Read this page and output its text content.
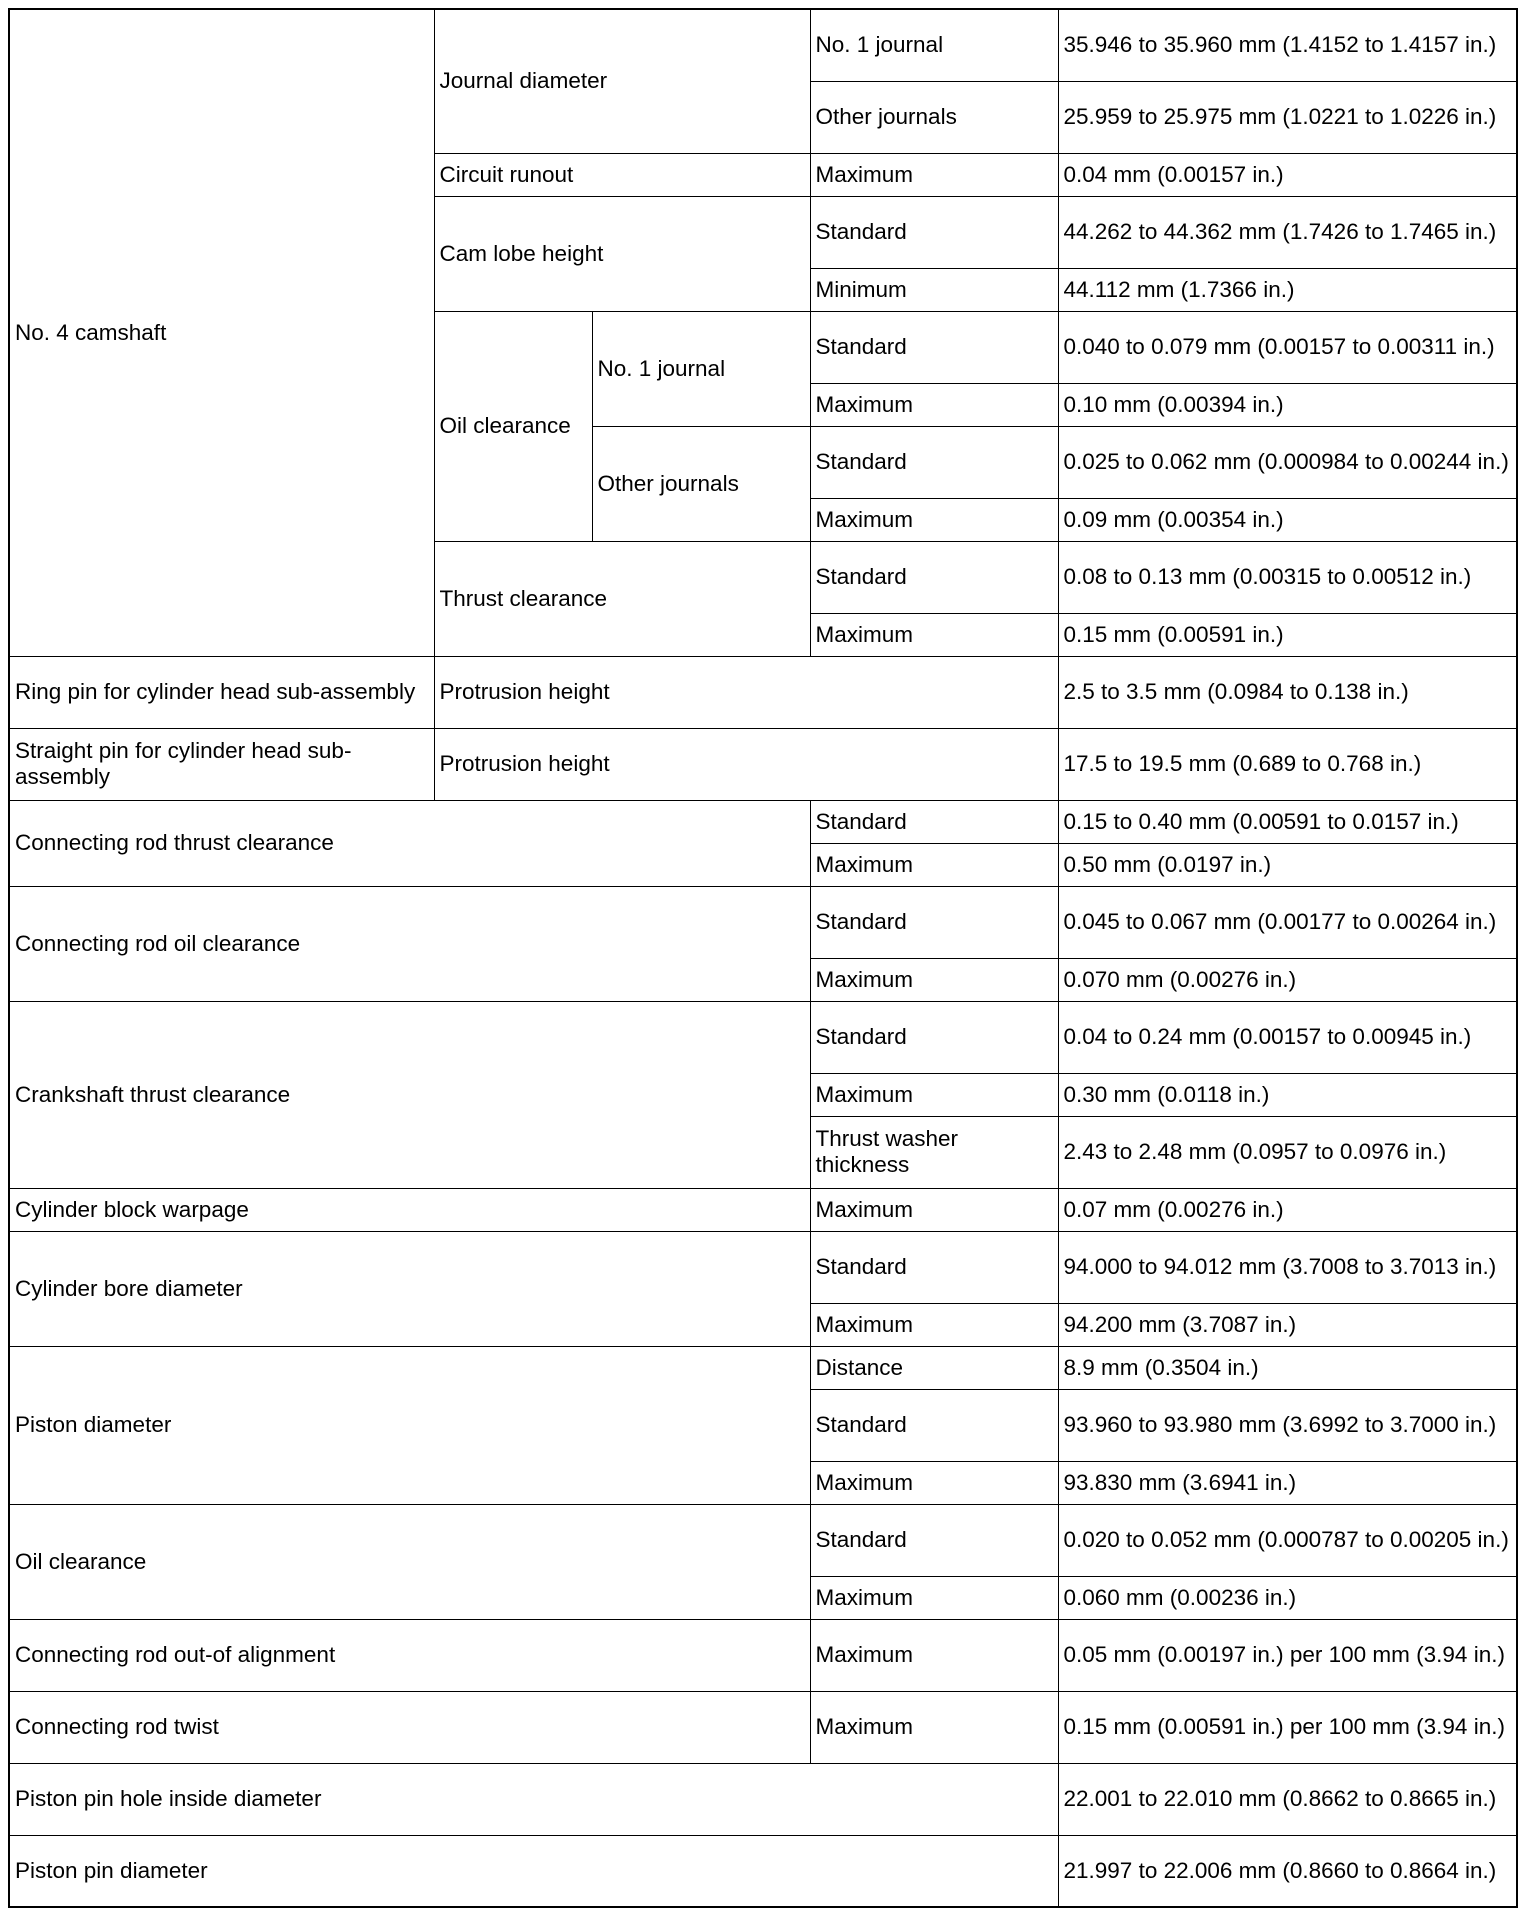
No. 4 camshaft	Journal diameter		No. 1 journal	35.946 to 35.960 mm (1.4152 to 1.4157 in.)
			Other journals	25.959 to 25.975 mm (1.0221 to 1.0226 in.)
	Circuit runout		Maximum	0.04 mm (0.00157 in.)
	Cam lobe height		Standard	44.262 to 44.362 mm (1.7426 to 1.7465 in.)
			Minimum	44.112 mm (1.7366 in.)
	Oil clearance	No. 1 journal	Standard	0.040 to 0.079 mm (0.00157 to 0.00311 in.)
			Maximum	0.10 mm (0.00394 in.)
		Other journals	Standard	0.025 to 0.062 mm (0.000984 to 0.00244 in.)
			Maximum	0.09 mm (0.00354 in.)
	Thrust clearance		Standard	0.08 to 0.13 mm (0.00315 to 0.00512 in.)
			Maximum	0.15 mm (0.00591 in.)
Ring pin for cylinder head sub-assembly	Protrusion height			2.5 to 3.5 mm (0.0984 to 0.138 in.)
Straight pin for cylinder head sub-assembly	Protrusion height			17.5 to 19.5 mm (0.689 to 0.768 in.)
Connecting rod thrust clearance			Standard	0.15 to 0.40 mm (0.00591 to 0.0157 in.)
			Maximum	0.50 mm (0.0197 in.)
Connecting rod oil clearance			Standard	0.045 to 0.067 mm (0.00177 to 0.00264 in.)
			Maximum	0.070 mm (0.00276 in.)
Crankshaft thrust clearance			Standard	0.04 to 0.24 mm (0.00157 to 0.00945 in.)
			Maximum	0.30 mm (0.0118 in.)
			Thrust washer thickness	2.43 to 2.48 mm (0.0957 to 0.0976 in.)
Cylinder block warpage			Maximum	0.07 mm (0.00276 in.)
Cylinder bore diameter			Standard	94.000 to 94.012 mm (3.7008 to 3.7013 in.)
			Maximum	94.200 mm (3.7087 in.)
Piston diameter			Distance	8.9 mm (0.3504 in.)
			Standard	93.960 to 93.980 mm (3.6992 to 3.7000 in.)
			Maximum	93.830 mm (3.6941 in.)
Oil clearance			Standard	0.020 to 0.052 mm (0.000787 to 0.00205 in.)
			Maximum	0.060 mm (0.00236 in.)
Connecting rod out-of alignment			Maximum	0.05 mm (0.00197 in.) per 100 mm (3.94 in.)
Connecting rod twist			Maximum	0.15 mm (0.00591 in.) per 100 mm (3.94 in.)
Piston pin hole inside diameter				22.001 to 22.010 mm (0.8662 to 0.8665 in.)
Piston pin diameter				21.997 to 22.006 mm (0.8660 to 0.8664 in.)
